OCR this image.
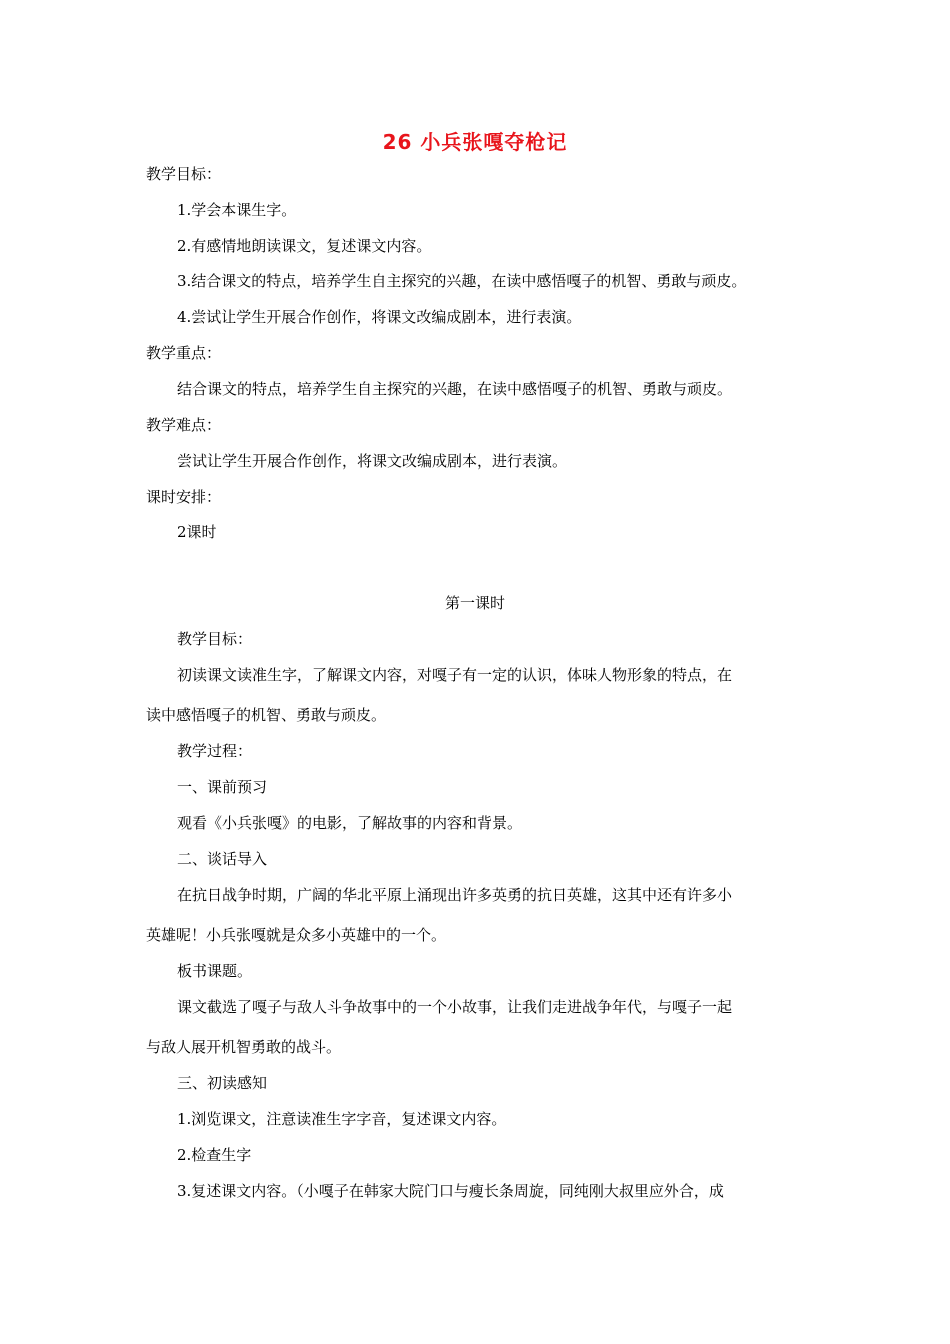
26 小兵张嘎夺枪记
教学目标：
1.学会本课生字。
2.有感情地朗读课文，复述课文内容。
3.结合课文的特点，培养学生自主探究的兴趣，在读中感悟嘎子的机智、勇敢与顽皮。
4.尝试让学生开展合作创作，将课文改编成剧本，进行表演。
教学重点：
结合课文的特点，培养学生自主探究的兴趣，在读中感悟嘎子的机智、勇敢与顽皮。
教学难点：
尝试让学生开展合作创作，将课文改编成剧本，进行表演。
课时安排：
2课时
第一课时
教学目标：
初读课文读准生字，了解课文内容，对嘎子有一定的认识，体味人物形象的特点，在
读中感悟嘎子的机智、勇敢与顽皮。
教学过程：
一、课前预习
观看《小兵张嘎》的电影，了解故事的内容和背景。
二、谈话导入
在抗日战争时期，广阔的华北平原上涌现出许多英勇的抗日英雄，这其中还有许多小
英雄呢！小兵张嘎就是众多小英雄中的一个。
板书课题。
课文截选了嘎子与敌人斗争故事中的一个小故事，让我们走进战争年代，与嘎子一起
与敌人展开机智勇敢的战斗。
三、初读感知
1.浏览课文，注意读准生字字音，复述课文内容。
2.检查生字
3.复述课文内容。（小嘎子在韩家大院门口与瘦长条周旋，同纯刚大叔里应外合，成
